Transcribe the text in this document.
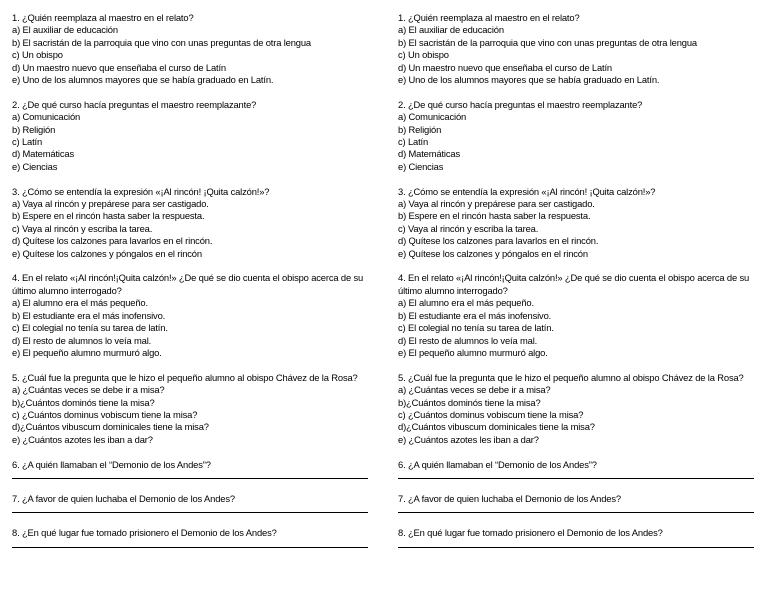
1. ¿Quién reemplaza al maestro en el relato?
a) El auxiliar de educación
b) El sacristán de la parroquia que vino con unas preguntas de otra lengua
c) Un obispo
d) Un maestro nuevo que enseñaba el curso de Latín
e) Uno de los alumnos mayores que se había graduado en Latín.
2. ¿De qué curso hacía preguntas el maestro reemplazante?
a) Comunicación
b) Religión
c) Latín
d) Matemáticas
e) Ciencias
3. ¿Cómo se entendía la expresión «¡Al rincón! ¡Quita calzón!»?
a) Vaya al rincón y prepárese para ser castigado.
b) Espere en el rincón hasta saber la respuesta.
c) Vaya al rincón y escriba la tarea.
d) Quítese los calzones para lavarlos en el rincón.
e) Quítese los calzones y póngalos en el rincón
4. En el relato «¡Al rincón!¡Quita calzón!» ¿De qué se dio cuenta el obispo acerca de su último alumno interrogado?
a) El alumno era el más pequeño.
b) El estudiante era el más inofensivo.
c) El colegial no tenía su tarea de latín.
d) El resto de alumnos lo veía mal.
e) El pequeño alumno murmuró algo.
5. ¿Cuál fue la pregunta que le hizo el pequeño alumno al obispo Chávez de la Rosa?
a) ¿Cuántas veces se debe ir a misa?
b)¿Cuántos dominós tiene la misa?
c) ¿Cuántos dominus vobiscum tiene la misa?
d)¿Cuántos vibuscum dominicales tiene la misa?
e) ¿Cuántos azotes les iban a dar?
6. ¿A quién llamaban el “Demonio de los Andes”?
7. ¿A favor de quien luchaba el Demonio de los Andes?
8. ¿En qué lugar fue tomado prisionero el Demonio de los Andes?
1. ¿Quién reemplaza al maestro en el relato?
a) El auxiliar de educación
b) El sacristán de la parroquia que vino con unas preguntas de otra lengua
c) Un obispo
d) Un maestro nuevo que enseñaba el curso de Latín
e) Uno de los alumnos mayores que se había graduado en Latín.
2. ¿De qué curso hacía preguntas el maestro reemplazante?
a) Comunicación
b) Religión
c) Latín
d) Matemáticas
e) Ciencias
3. ¿Cómo se entendía la expresión «¡Al rincón! ¡Quita calzón!»?
a) Vaya al rincón y prepárese para ser castigado.
b) Espere en el rincón hasta saber la respuesta.
c) Vaya al rincón y escriba la tarea.
d) Quítese los calzones para lavarlos en el rincón.
e) Quítese los calzones y póngalos en el rincón
4. En el relato «¡Al rincón!¡Quita calzón!» ¿De qué se dio cuenta el obispo acerca de su último alumno interrogado?
a) El alumno era el más pequeño.
b) El estudiante era el más inofensivo.
c) El colegial no tenía su tarea de latín.
d) El resto de alumnos lo veía mal.
e) El pequeño alumno murmuró algo.
5. ¿Cuál fue la pregunta que le hizo el pequeño alumno al obispo Chávez de la Rosa?
a) ¿Cuántas veces se debe ir a misa?
b)¿Cuántos dominós tiene la misa?
c) ¿Cuántos dominus vobiscum tiene la misa?
d)¿Cuántos vibuscum dominicales tiene la misa?
e) ¿Cuántos azotes les iban a dar?
6. ¿A quién llamaban el “Demonio de los Andes”?
7. ¿A favor de quien luchaba el Demonio de los Andes?
8. ¿En qué lugar fue tomado prisionero el Demonio de los Andes?
